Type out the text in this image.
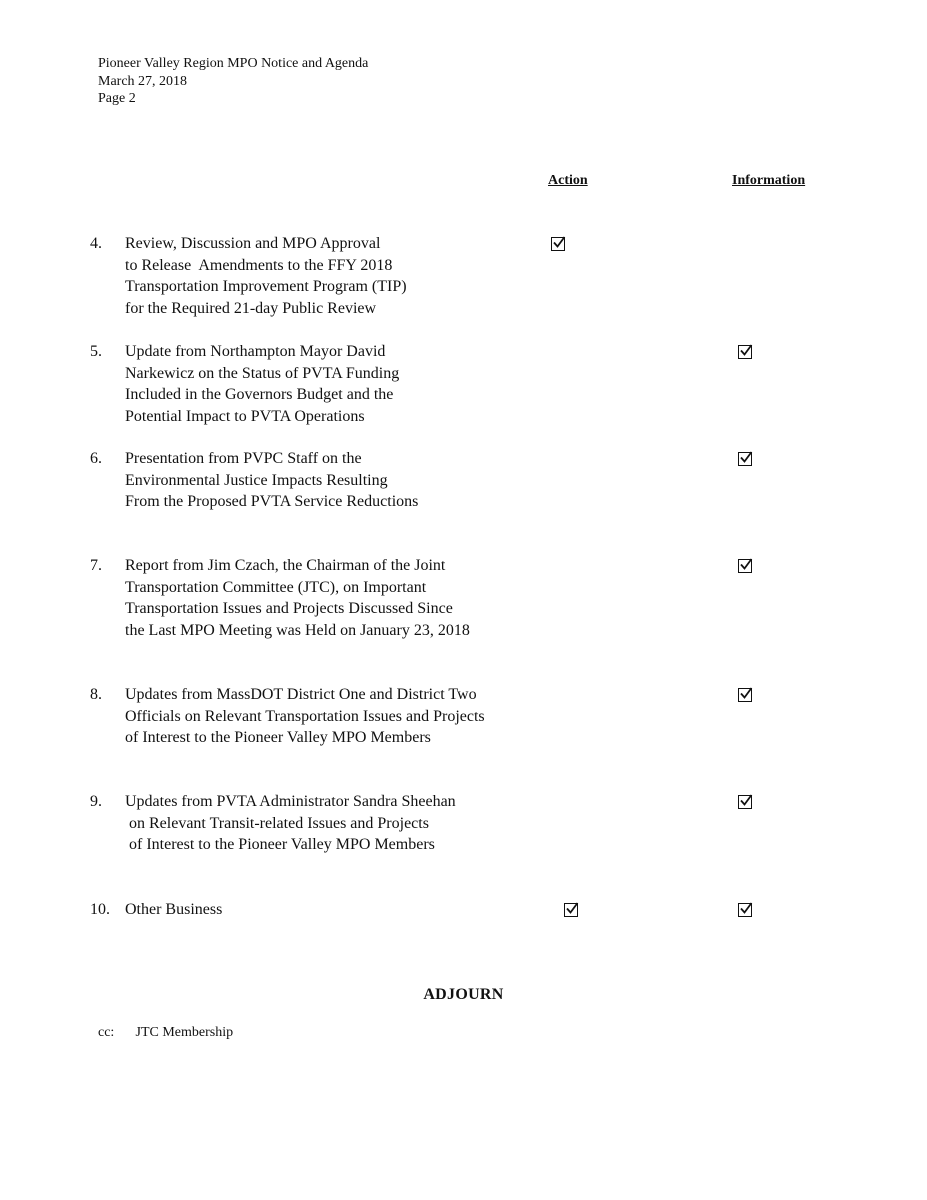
Pioneer Valley Region MPO Notice and Agenda
March 27, 2018
Page 2
Action	Information
4. Review, Discussion and MPO Approval
to Release  Amendments to the FFY 2018
Transportation Improvement Program (TIP)
for the Required 21-day Public Review
5. Update from Northampton Mayor David
Narkewicz on the Status of PVTA Funding
Included in the Governors Budget and the
Potential Impact to PVTA Operations
6. Presentation from PVPC Staff on the
Environmental Justice Impacts Resulting
From the Proposed PVTA Service Reductions
7. Report from Jim Czach, the Chairman of the Joint
Transportation Committee (JTC), on Important
Transportation Issues and Projects Discussed Since
the Last MPO Meeting was Held on January 23, 2018
8. Updates from MassDOT District One and District Two
Officials on Relevant Transportation Issues and Projects
of Interest to the Pioneer Valley MPO Members
9. Updates from PVTA Administrator Sandra Sheehan
on Relevant Transit-related Issues and Projects
of Interest to the Pioneer Valley MPO Members
10. Other Business
ADJOURN
cc: JTC Membership
